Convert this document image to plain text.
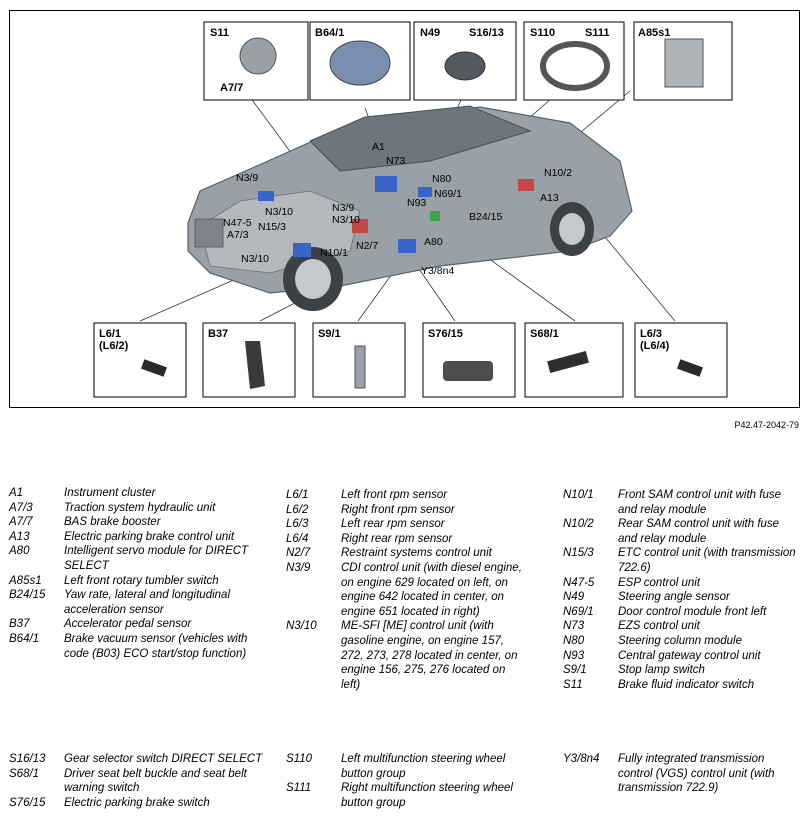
S11
A7/7
B64/1	N49	S16/13 S110	S111	A85s1
L6/1
(L6/2)
B37	S9/1	S76/15	S68/1	L6/3
(L6/4)
A1
N73
N3/9	N80	N10/2
N69/1
N3/9	N93
N3/10	B24/15
A13
N3/10
N47-5 N15/3
A7/3
A80
N2/7
N3/10	N10/1
Y3/8n4
P42.47-2042-79
A1	Instrument cluster
A7/3	Traction system hydraulic unit
A7/7	BAS brake booster
A13	Electric parking brake control unit
A80	Intelligent servo module for DIRECT SELECT
A85s1	Left front rotary tumbler switch
B24/15	Yaw rate, lateral and longitudinal acceleration sensor
B37	Accelerator pedal sensor
B64/1	Brake vacuum sensor (vehicles with code (B03) ECO start/stop function)
L6/1	Left front rpm sensor
L6/2	Right front rpm sensor
L6/3	Left rear rpm sensor
L6/4	Right rear rpm sensor
N2/7	Restraint systems control unit
N3/9	CDI control unit (with diesel engine, on engine 629 located on left, on engine 642 located in center, on engine 651 located in right)
N3/10	ME-SFI [ME] control unit (with gasoline engine, on engine 157, 272, 273, 278 located in center, on engine 156, 275, 276 located on left)
N10/1	Front SAM control unit with fuse and relay module
N10/2	Rear SAM control unit with fuse and relay module
N15/3	ETC control unit (with transmission 722.6)
N47-5	ESP control unit
N49	Steering angle sensor
N69/1	Door control module front left
N73	EZS control unit
N80	Steering column module
N93	Central gateway control unit
S9/1	Stop lamp switch
S11	Brake fluid indicator switch
S16/13	Gear selector switch DIRECT SELECT
S68/1	Driver seat belt buckle and seat belt warning switch
S76/15	Electric parking brake switch
S110	Left multifunction steering wheel button group
S111	Right multifunction steering wheel button group
Y3/8n4	Fully integrated transmission control (VGS) control unit (with transmission 722.9)
